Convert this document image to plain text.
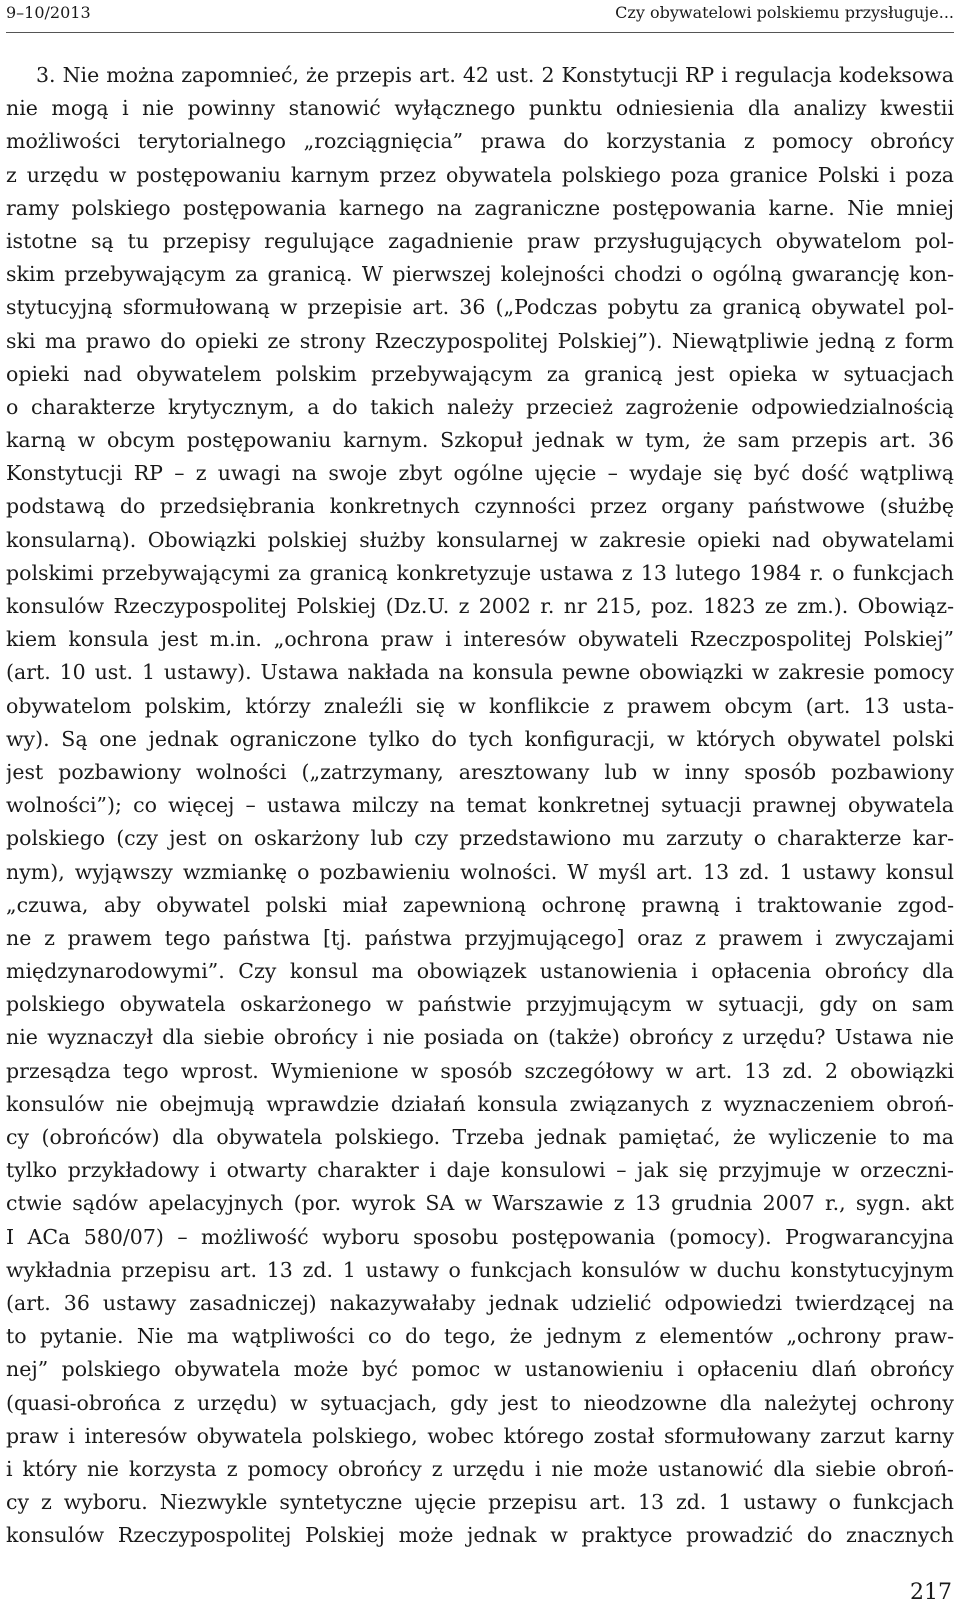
9–10/2013	Czy obywatelowi polskiemu przysługuje...
3. Nie można zapomnieć, że przepis art. 42 ust. 2 Konstytucji RP i regulacja kodeksowa
nie mogą i nie powinny stanowić wyłącznego punktu odniesienia dla analizy kwestii
możliwości terytorialnego „rozciągnięcia” prawa do korzystania z pomocy obrońcy
z urzędu w postępowaniu karnym przez obywatela polskiego poza granice Polski i poza
ramy polskiego postępowania karnego na zagraniczne postępowania karne. Nie mniej
istotne są tu przepisy regulujące zagadnienie praw przysługujących obywatelom pol-
skim przebywającym za granicą. W pierwszej kolejności chodzi o ogólną gwarancję kon-
stytucyjną sformułowaną w przepisie art. 36 („Podczas pobytu za granicą obywatel pol-
ski ma prawo do opieki ze strony Rzeczypospolitej Polskiej”). Niewątpliwie jedną z form
opieki nad obywatelem polskim przebywającym za granicą jest opieka w sytuacjach
o charakterze krytycznym, a do takich należy przecież zagrożenie odpowiedzialnością
karną w obcym postępowaniu karnym. Szkopuł jednak w tym, że sam przepis art. 36
Konstytucji RP – z uwagi na swoje zbyt ogólne ujęcie – wydaje się być dość wątpliwą
podstawą do przedsiębrania konkretnych czynności przez organy państwowe (służbę
konsularną). Obowiązki polskiej służby konsularnej w zakresie opieki nad obywatelami
polskimi przebywającymi za granicą konkretyzuje ustawa z 13 lutego 1984 r. o funkcjach
konsulów Rzeczypospolitej Polskiej (Dz.U. z 2002 r. nr 215, poz. 1823 ze zm.). Obowiąz-
kiem konsula jest m.in. „ochrona praw i interesów obywateli Rzeczpospolitej Polskiej”
(art. 10 ust. 1 ustawy). Ustawa nakłada na konsula pewne obowiązki w zakresie pomocy
obywatelom polskim, którzy znaleźli się w konflikcie z prawem obcym (art. 13 usta-
wy). Są one jednak ograniczone tylko do tych konfiguracji, w których obywatel polski
jest pozbawiony wolności („zatrzymany, aresztowany lub w inny sposób pozbawiony
wolności”); co więcej – ustawa milczy na temat konkretnej sytuacji prawnej obywatela
polskiego (czy jest on oskarżony lub czy przedstawiono mu zarzuty o charakterze kar-
nym), wyjąwszy wzmiankę o pozbawieniu wolności. W myśl art. 13 zd. 1 ustawy konsul
„czuwa, aby obywatel polski miał zapewnioną ochronę prawną i traktowanie zgod-
ne z prawem tego państwa [tj. państwa przyjmującego] oraz z prawem i zwyczajami
międzynarodowymi”. Czy konsul ma obowiązek ustanowienia i opłacenia obrońcy dla
polskiego obywatela oskarżonego w państwie przyjmującym w sytuacji, gdy on sam
nie wyznaczył dla siebie obrońcy i nie posiada on (także) obrońcy z urzędu? Ustawa nie
przesądza tego wprost. Wymienione w sposób szczegółowy w art. 13 zd. 2 obowiązki
konsulów nie obejmują wprawdzie działań konsula związanych z wyznaczeniem obroń-
cy (obrońców) dla obywatela polskiego. Trzeba jednak pamiętać, że wyliczenie to ma
tylko przykładowy i otwarty charakter i daje konsulowi – jak się przyjmuje w orzeczni-
ctwie sądów apelacyjnych (por. wyrok SA w Warszawie z 13 grudnia 2007 r., sygn. akt
I ACa 580/07) – możliwość wyboru sposobu postępowania (pomocy). Progwarancyjna
wykładnia przepisu art. 13 zd. 1 ustawy o funkcjach konsulów w duchu konstytucyjnym
(art. 36 ustawy zasadniczej) nakazywałaby jednak udzielić odpowiedzi twierdzącej na
to pytanie. Nie ma wątpliwości co do tego, że jednym z elementów „ochrony praw-
nej” polskiego obywatela może być pomoc w ustanowieniu i opłaceniu dlań obrońcy
(quasi-obrońca z urzędu) w sytuacjach, gdy jest to nieodzowne dla należytej ochrony
praw i interesów obywatela polskiego, wobec którego został sformułowany zarzut karny
i który nie korzysta z pomocy obrońcy z urzędu i nie może ustanowić dla siebie obroń-
cy z wyboru. Niezwykle syntetyczne ujęcie przepisu art. 13 zd. 1 ustawy o funkcjach
konsulów Rzeczypospolitej Polskiej może jednak w praktyce prowadzić do znacznych
217
